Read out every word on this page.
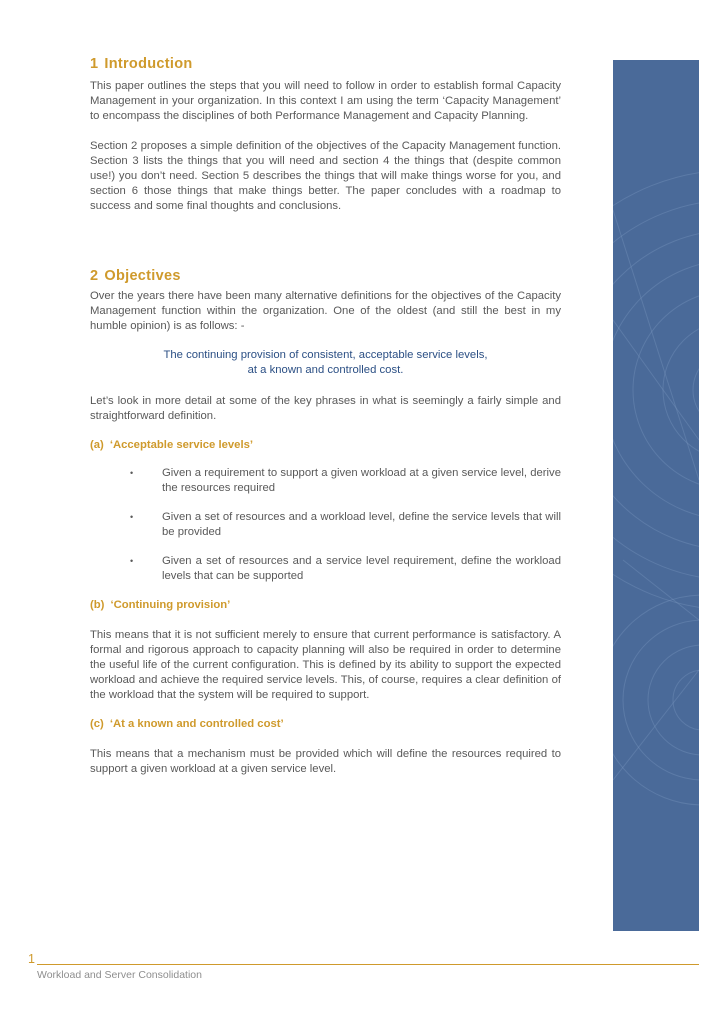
1 Introduction

This paper outlines the steps that you will need to follow in order to establish formal Capacity Management in your organization. In this context I am using the term ‘Capacity Management’ to encompass the disciplines of both Performance Management and Capacity Planning.

Section 2 proposes a simple definition of the objectives of the Capacity Management function. Section 3 lists the things that you will need and section 4 the things that (despite common use!) you don’t need. Section 5 describes the things that will make things worse for you, and section 6 those things that make things better. The paper concludes with a roadmap to success and some final thoughts and conclusions.

2 Objectives

Over the years there have been many alternative definitions for the objectives of the Capacity Management function within the organization. One of the oldest (and still the best in my humble opinion) is as follows: -

The continuing provision of consistent, acceptable service levels,

at a known and controlled cost.

Let’s look in more detail at some of the key phrases in what is seemingly a fairly simple and straightforward definition.

(a) ‘Acceptable service levels’
•	Given a requirement to support a given workload at a given service level, derive the resources required
•	Given a set of resources and a workload level, define the service levels that will be provided
•	Given a set of resources and a service level requirement, define the workload levels that can be supported
(b) ‘Continuing provision’

This means that it is not sufficient merely to ensure that current performance is satisfactory. A formal and rigorous approach to capacity planning will also be required in order to determine the useful life of the current configuration. This is defined by its ability to support the expected workload and achieve the required service levels. This, of course, requires a clear definition of the workload that the system will be required to support.

(c) ‘At a known and controlled cost’

This means that a mechanism must be provided which will define the resources required to support a given workload at a given service level.

1
Workload and Server Consolidation
